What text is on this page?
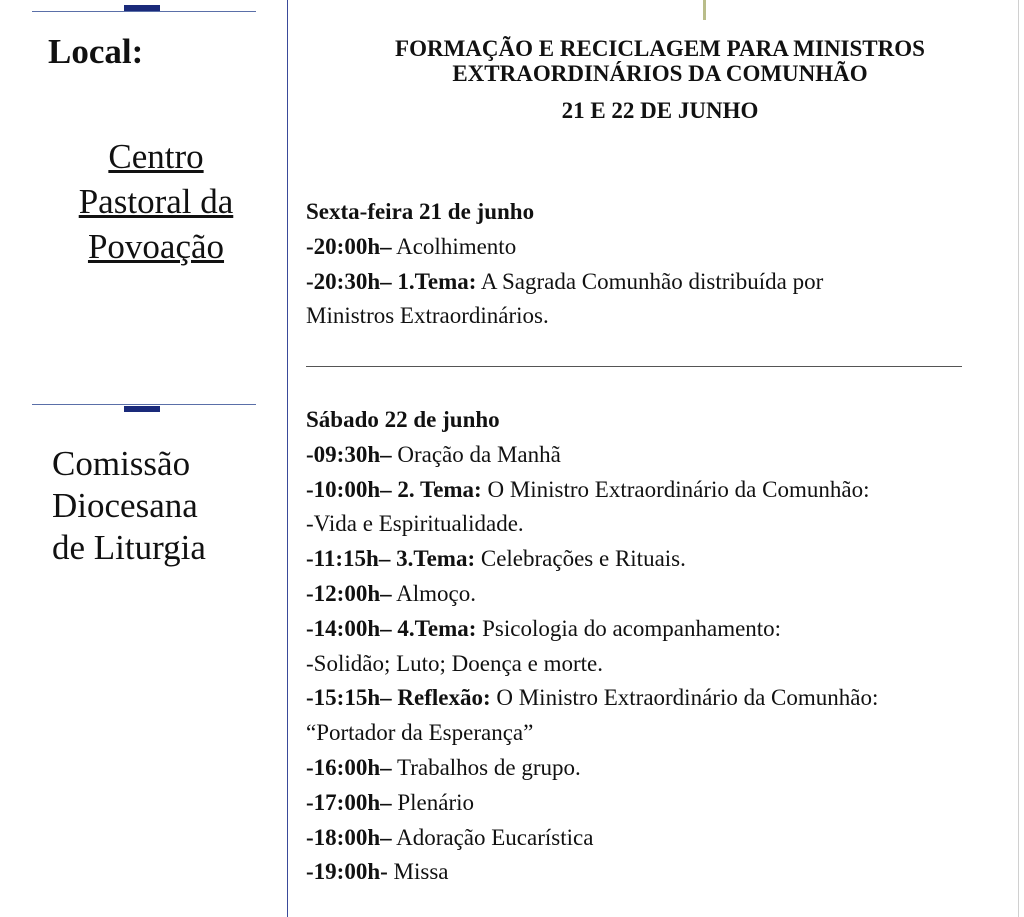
Local:
Centro
Pastoral da
Povoação
Comissão
Diocesana
de Liturgia
FORMAÇÃO E RECICLAGEM PARA MINISTROS
EXTRAORDINÁRIOS DA COMUNHÃO
21 E 22 DE JUNHO
Sexta-feira 21 de junho
-20:00h– Acolhimento
-20:30h– 1.Tema: A Sagrada Comunhão distribuída por
Ministros Extraordinários.
Sábado 22 de junho
-09:30h– Oração da Manhã
-10:00h– 2. Tema: O Ministro Extraordinário da Comunhão:
-Vida e Espiritualidade.
-11:15h– 3.Tema: Celebrações e Rituais.
-12:00h– Almoço.
-14:00h– 4.Tema: Psicologia do acompanhamento:
-Solidão; Luto; Doença e morte.
-15:15h– Reflexão: O Ministro Extraordinário da Comunhão:
“Portador da Esperança”
-16:00h– Trabalhos de grupo.
-17:00h– Plenário
-18:00h– Adoração Eucarística
-19:00h- Missa
